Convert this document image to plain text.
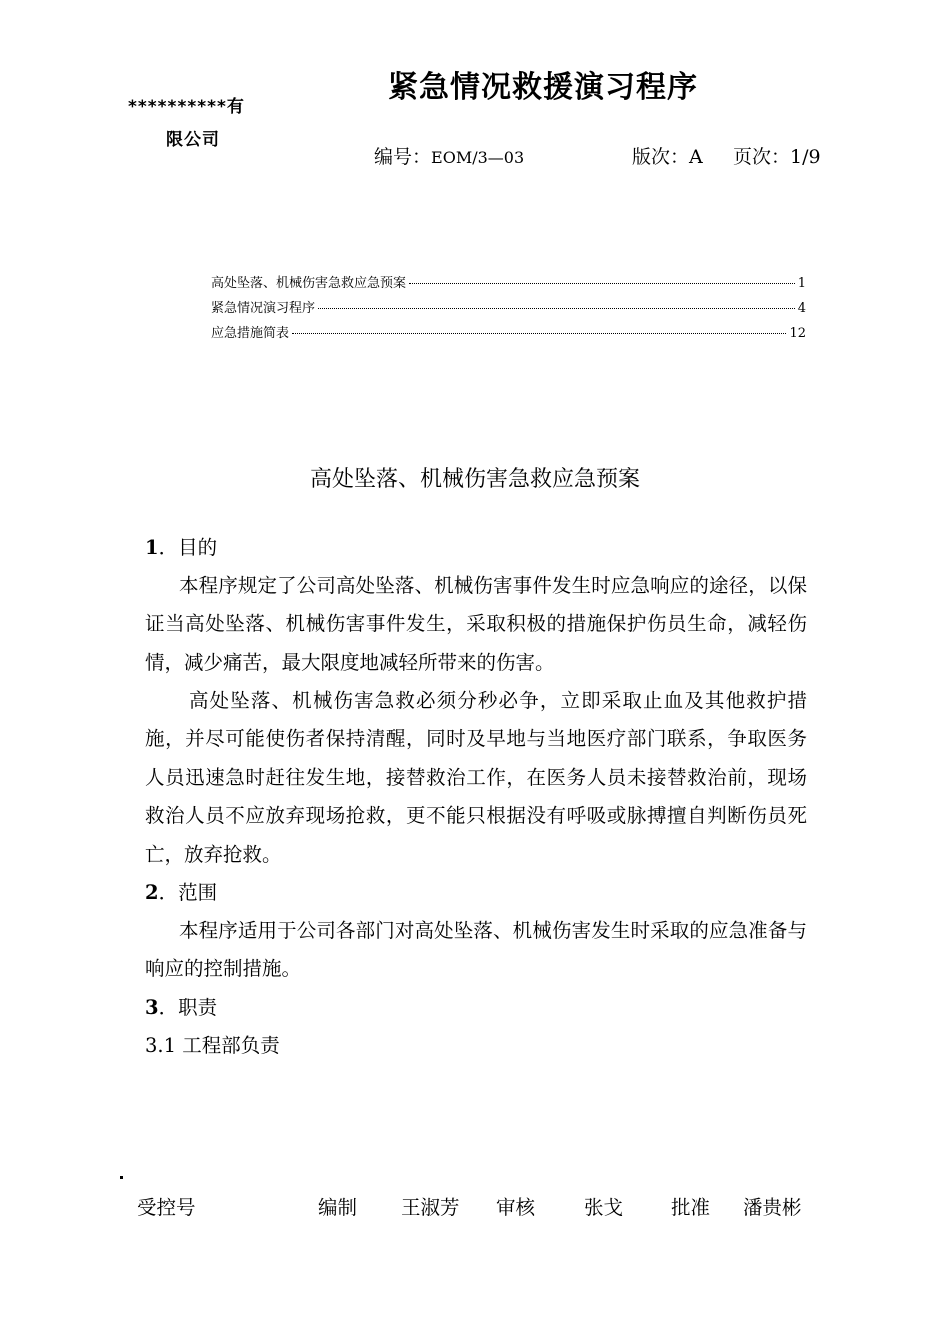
**********有
限公司
紧急情况救援演习程序
编号：EOM/3—03	版次：A 页次：1/9
高处坠落、机械伤害急救应急预案	1
紧急情况演习程序	4
应急措施简表	12
高处坠落、机械伤害急救应急预案
1．目的
本程序规定了公司高处坠落、机械伤害事件发生时应急响应的途径，以保证当高处坠落、机械伤害事件发生，采取积极的措施保护伤员生命，减轻伤情，减少痛苦，最大限度地减轻所带来的伤害。
高处坠落、机械伤害急救必须分秒必争，立即采取止血及其他救护措施，并尽可能使伤者保持清醒，同时及早地与当地医疗部门联系，争取医务人员迅速急时赶往发生地，接替救治工作，在医务人员未接替救治前，现场救治人员不应放弃现场抢救，更不能只根据没有呼吸或脉搏擅自判断伤员死亡，放弃抢救。
2．范围
本程序适用于公司各部门对高处坠落、机械伤害发生时采取的应急准备与响应的控制措施。
3．职责
3.1 工程部负责
受控号	编制 王淑芳 审核	张戈 批准 潘贵彬
